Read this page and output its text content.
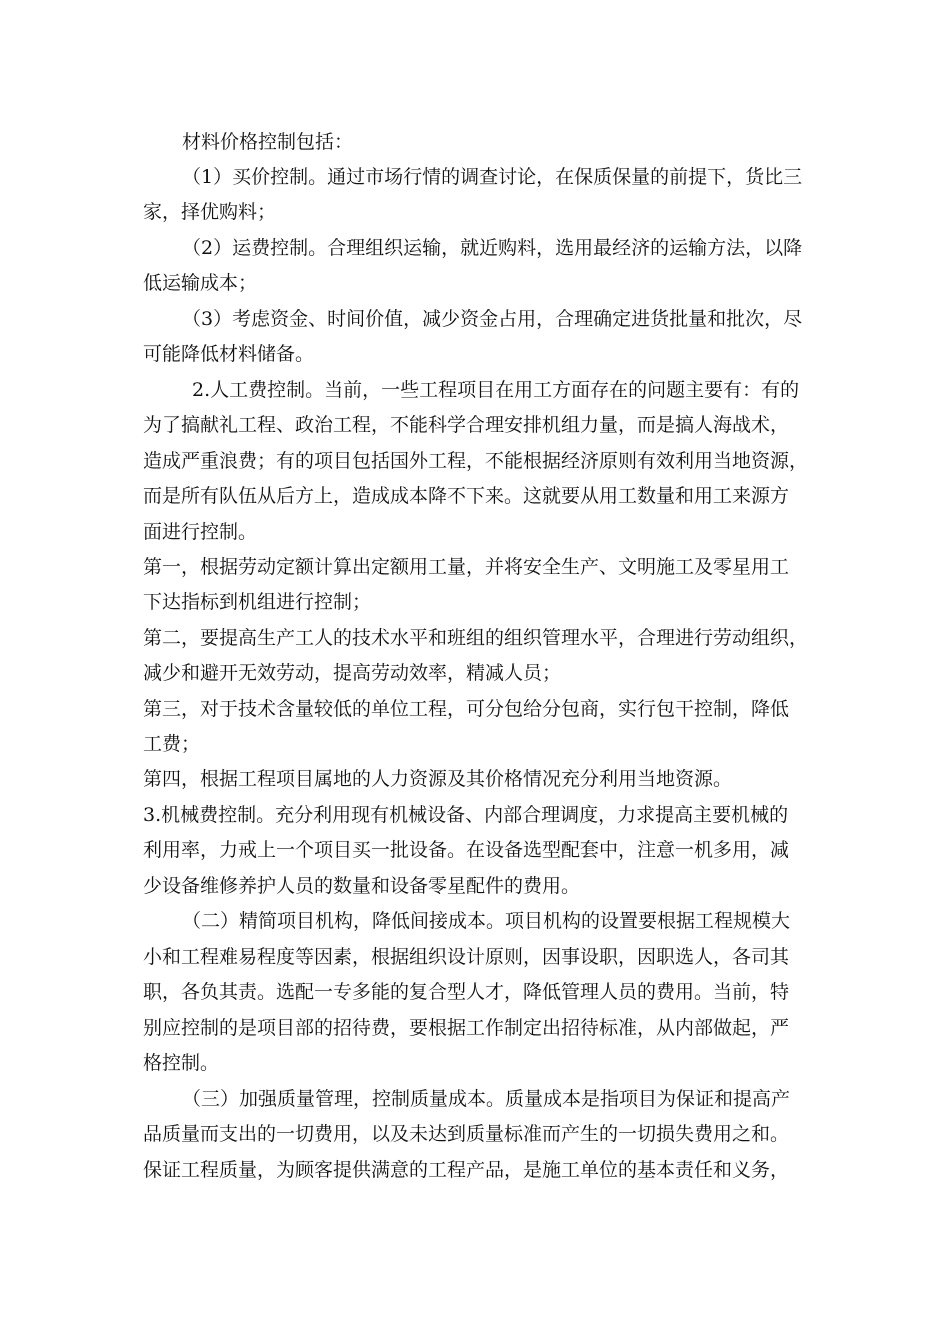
材料价格控制包括：
（1）买价控制。通过市场行情的调查讨论，在保质保量的前提下，货比三
家，择优购料；
（2）运费控制。合理组织运输，就近购料，选用最经济的运输方法，以降
低运输成本；
（3）考虑资金、时间价值，减少资金占用，合理确定进货批量和批次，尽
可能降低材料储备。
2.人工费控制。当前，一些工程项目在用工方面存在的问题主要有：有的
为了搞献礼工程、政治工程，不能科学合理安排机组力量，而是搞人海战术，
造成严重浪费；有的项目包括国外工程，不能根据经济原则有效利用当地资源，
而是所有队伍从后方上，造成成本降不下来。这就要从用工数量和用工来源方
面进行控制。
第一，根据劳动定额计算出定额用工量，并将安全生产、文明施工及零星用工
下达指标到机组进行控制；
第二，要提高生产工人的技术水平和班组的组织管理水平，合理进行劳动组织，
减少和避开无效劳动，提高劳动效率，精减人员；
第三，对于技术含量较低的单位工程，可分包给分包商，实行包干控制，降低
工费；
第四，根据工程项目属地的人力资源及其价格情况充分利用当地资源。
3.机械费控制。充分利用现有机械设备、内部合理调度，力求提高主要机械的
利用率，力戒上一个项目买一批设备。在设备选型配套中，注意一机多用，减
少设备维修养护人员的数量和设备零星配件的费用。
（二）精简项目机构，降低间接成本。项目机构的设置要根据工程规模大
小和工程难易程度等因素，根据组织设计原则，因事设职，因职选人，各司其
职，各负其责。选配一专多能的复合型人才，降低管理人员的费用。当前，特
别应控制的是项目部的招待费，要根据工作制定出招待标准，从内部做起，严
格控制。
（三）加强质量管理，控制质量成本。质量成本是指项目为保证和提高产
品质量而支出的一切费用，以及未达到质量标准而产生的一切损失费用之和。
保证工程质量，为顾客提供满意的工程产品，是施工单位的基本责任和义务，
